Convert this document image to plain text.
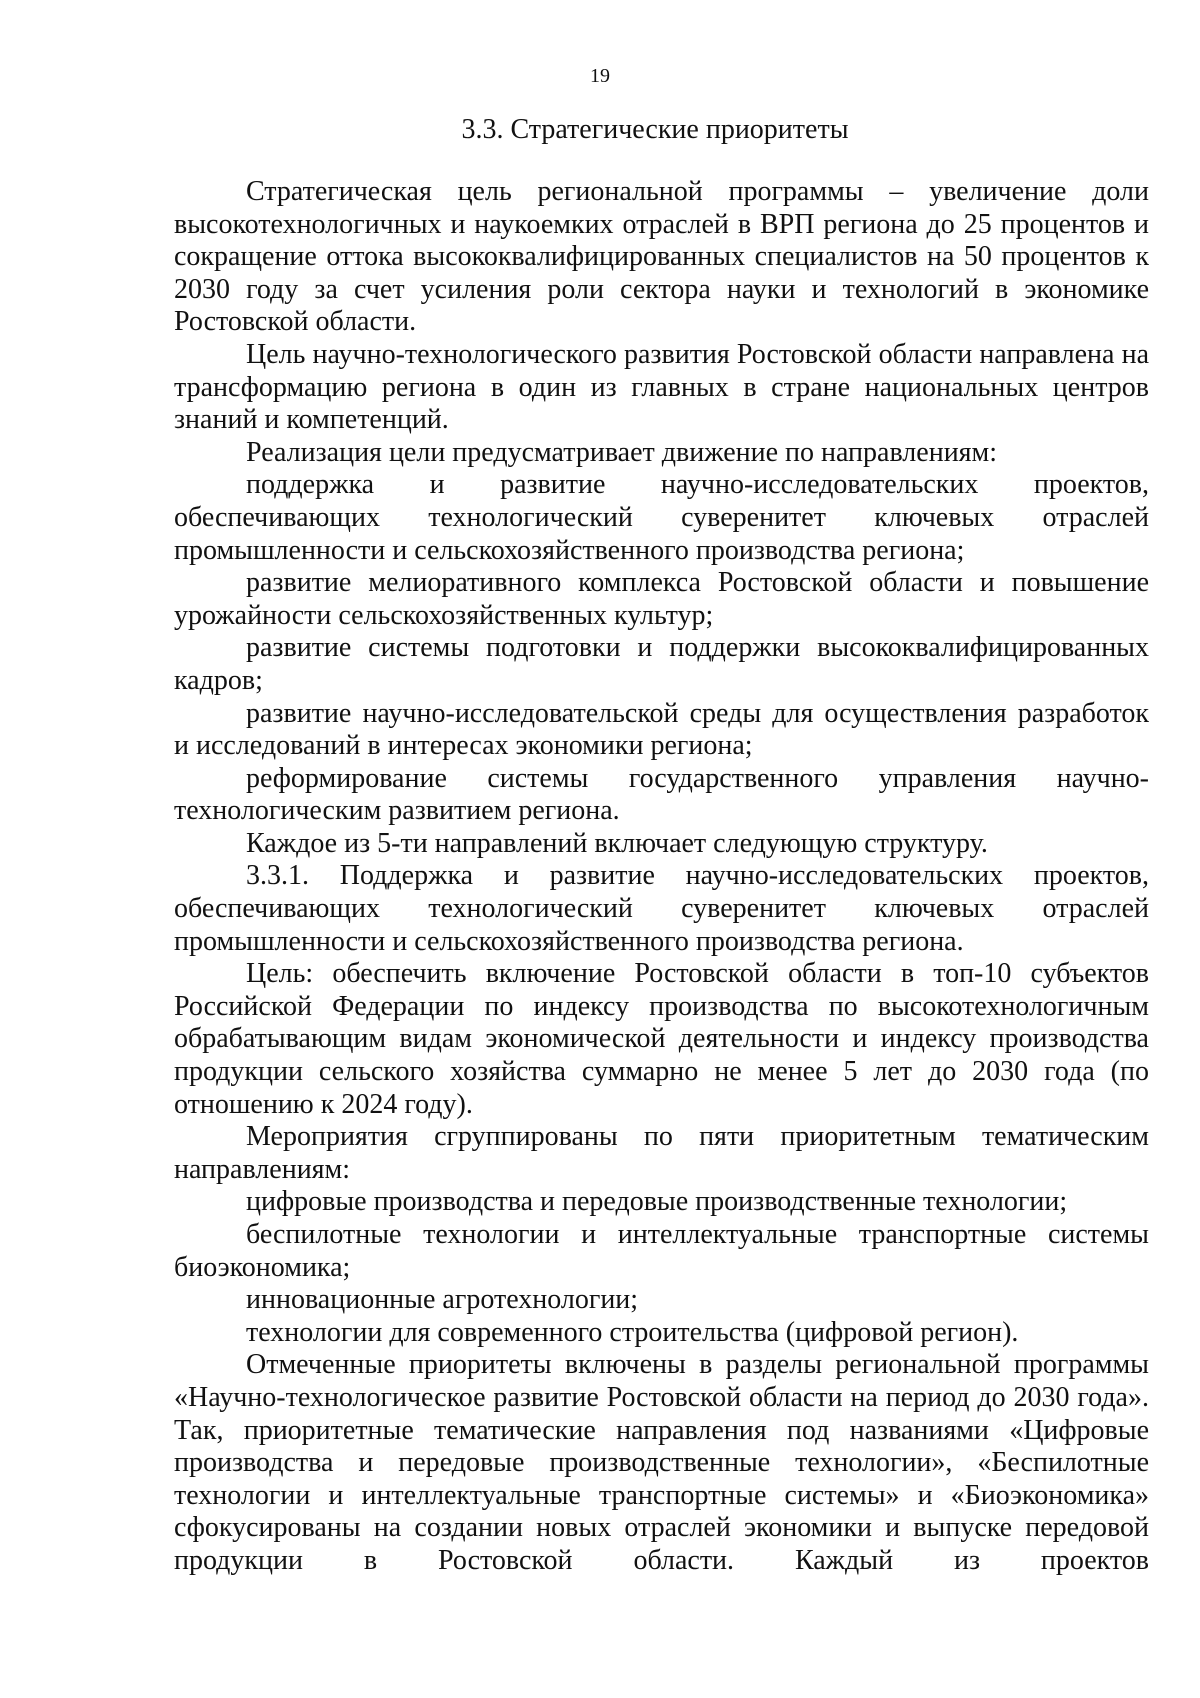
19
3.3. Стратегические приоритеты

Стратегическая цель региональной программы – увеличение доли высокотехнологичных и наукоемких отраслей в ВРП региона до 25 процентов и сокращение оттока высококвалифицированных специалистов на 50 процентов к 2030 году за счет усиления роли сектора науки и технологий в экономике Ростовской области.

Цель научно-технологического развития Ростовской области направлена на трансформацию региона в один из главных в стране национальных центров знаний и компетенций.

Реализация цели предусматривает движение по направлениям:

поддержка и развитие научно-исследовательских проектов, обеспечивающих технологический суверенитет ключевых отраслей промышленности и сельскохозяйственного производства региона;

развитие мелиоративного комплекса Ростовской области и повышение урожайности сельскохозяйственных культур;

развитие системы подготовки и поддержки высококвалифицированных кадров;

развитие научно-исследовательской среды для осуществления разработок и исследований в интересах экономики региона;

реформирование системы государственного управления научно-технологическим развитием региона.

Каждое из 5-ти направлений включает следующую структуру.

3.3.1. Поддержка и развитие научно-исследовательских проектов, обеспечивающих технологический суверенитет ключевых отраслей промышленности и сельскохозяйственного производства региона.

Цель: обеспечить включение Ростовской области в топ-10 субъектов Российской Федерации по индексу производства по высокотехнологичным обрабатывающим видам экономической деятельности и индексу производства продукции сельского хозяйства суммарно не менее 5 лет до 2030 года (по отношению к 2024 году).

Мероприятия сгруппированы по пяти приоритетным тематическим направлениям:

цифровые производства и передовые производственные технологии;

беспилотные технологии и интеллектуальные транспортные системы биоэкономика;

инновационные агротехнологии;

технологии для современного строительства (цифровой регион).

Отмеченные приоритеты включены в разделы региональной программы «Научно-технологическое развитие Ростовской области на период до 2030 года». Так, приоритетные тематические направления под названиями «Цифровые производства и передовые производственные технологии», «Беспилотные технологии и интеллектуальные транспортные системы» и «Биоэкономика» сфокусированы на создании новых отраслей экономики и выпуске передовой продукции в Ростовской области. Каждый из проектов
